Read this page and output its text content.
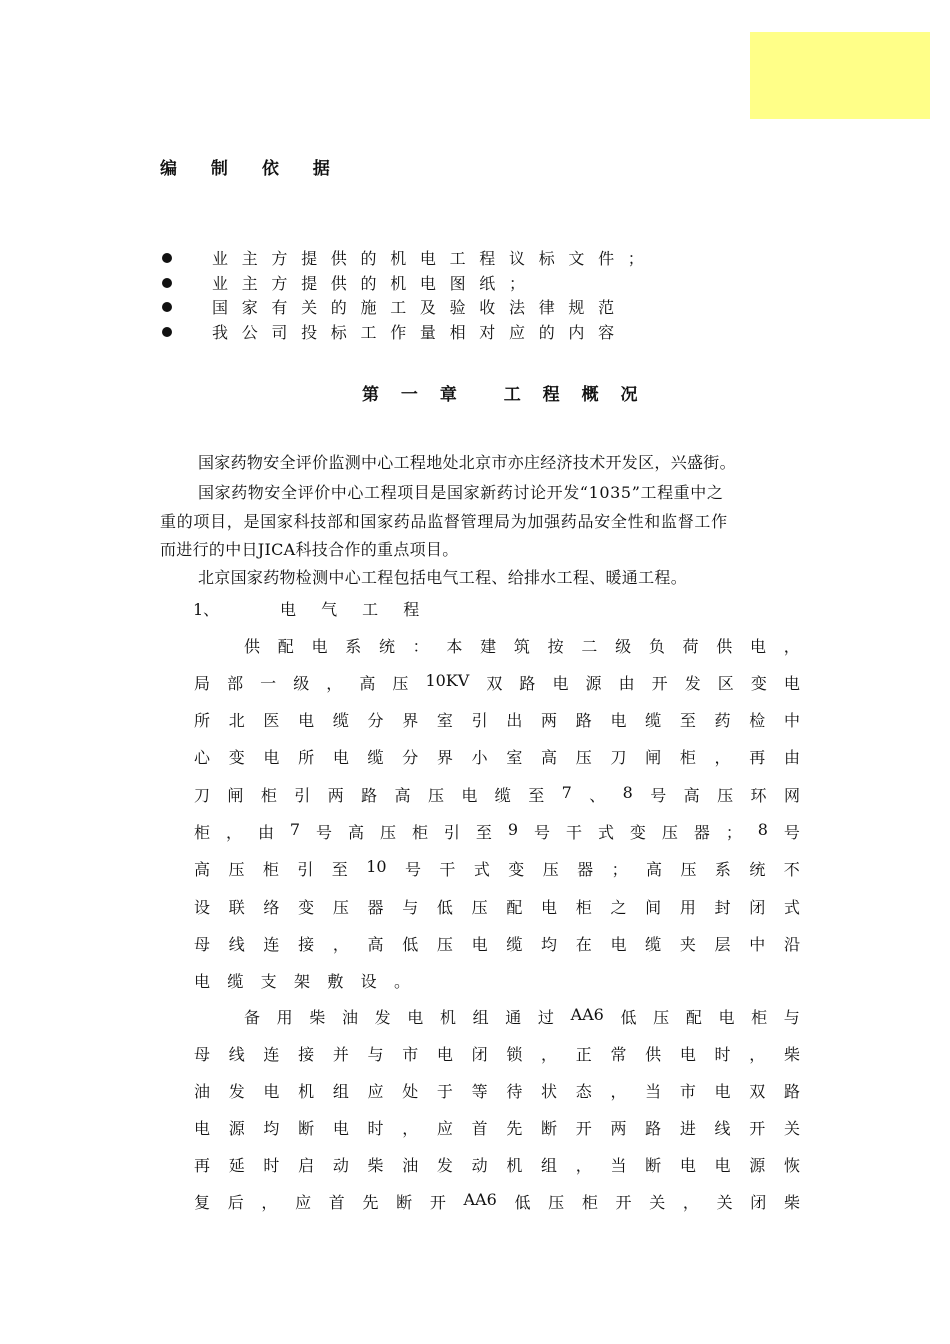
编 制 依 据
业主方提供的机电工程议标文件；
业主方提供的机电图纸；
国家有关的施工及验收法律规范
我公司投标工作量相对应的内容
第 一 章　 工 程 概 况
国家药物安全评价监测中心工程地处北京市亦庄经济技术开发区，兴盛街。
国家药物安全评价中心工程项目是国家新药讨论开发“1035”工程重中之
重的项目，是国家科技部和国家药品监督管理局为加强药品安全性和监督工作
而进行的中日JICA科技合作的重点项目。
北京国家药物检测中心工程包括电气工程、给排水工程、暖通工程。
1、	电 气 工 程
供 配 电 系 统 ： 本 建 筑 按 二 级 负 荷 供 电 ，
局 部 一 级 ， 高 压 10KV 双 路 电 源 由 开 发 区 变 电
所 北 医 电 缆 分 界 室 引 出 两 路 电 缆 至 药 检 中
心 变 电 所 电 缆 分 界 小 室 高 压 刀 闸 柜 ， 再 由
刀 闸 柜 引 两 路 高 压 电 缆 至 7 、 8 号 高 压 环 网
柜 ， 由 7 号 高 压 柜 引 至 9 号 干 式 变 压 器 ； 8 号
高 压 柜 引 至 10 号 干 式 变 压 器 ； 高 压 系 统 不
设 联 络 变 压 器 与 低 压 配 电 柜 之 间 用 封 闭 式
母 线 连 接 ， 高 低 压 电 缆 均 在 电 缆 夹 层 中 沿
电 缆 支 架 敷 设 。
备 用 柴 油 发 电 机 组 通 过 AA6 低 压 配 电 柜 与
母 线 连 接 并 与 市 电 闭 锁 ， 正 常 供 电 时 ， 柴
油 发 电 机 组 应 处 于 等 待 状 态 ， 当 市 电 双 路
电 源 均 断 电 时 ， 应 首 先 断 开 两 路 进 线 开 关
再 延 时 启 动 柴 油 发 动 机 组 ， 当 断 电 电 源 恢
复 后 ， 应 首 先 断 开 AA6 低 压 柜 开 关 ， 关 闭 柴
